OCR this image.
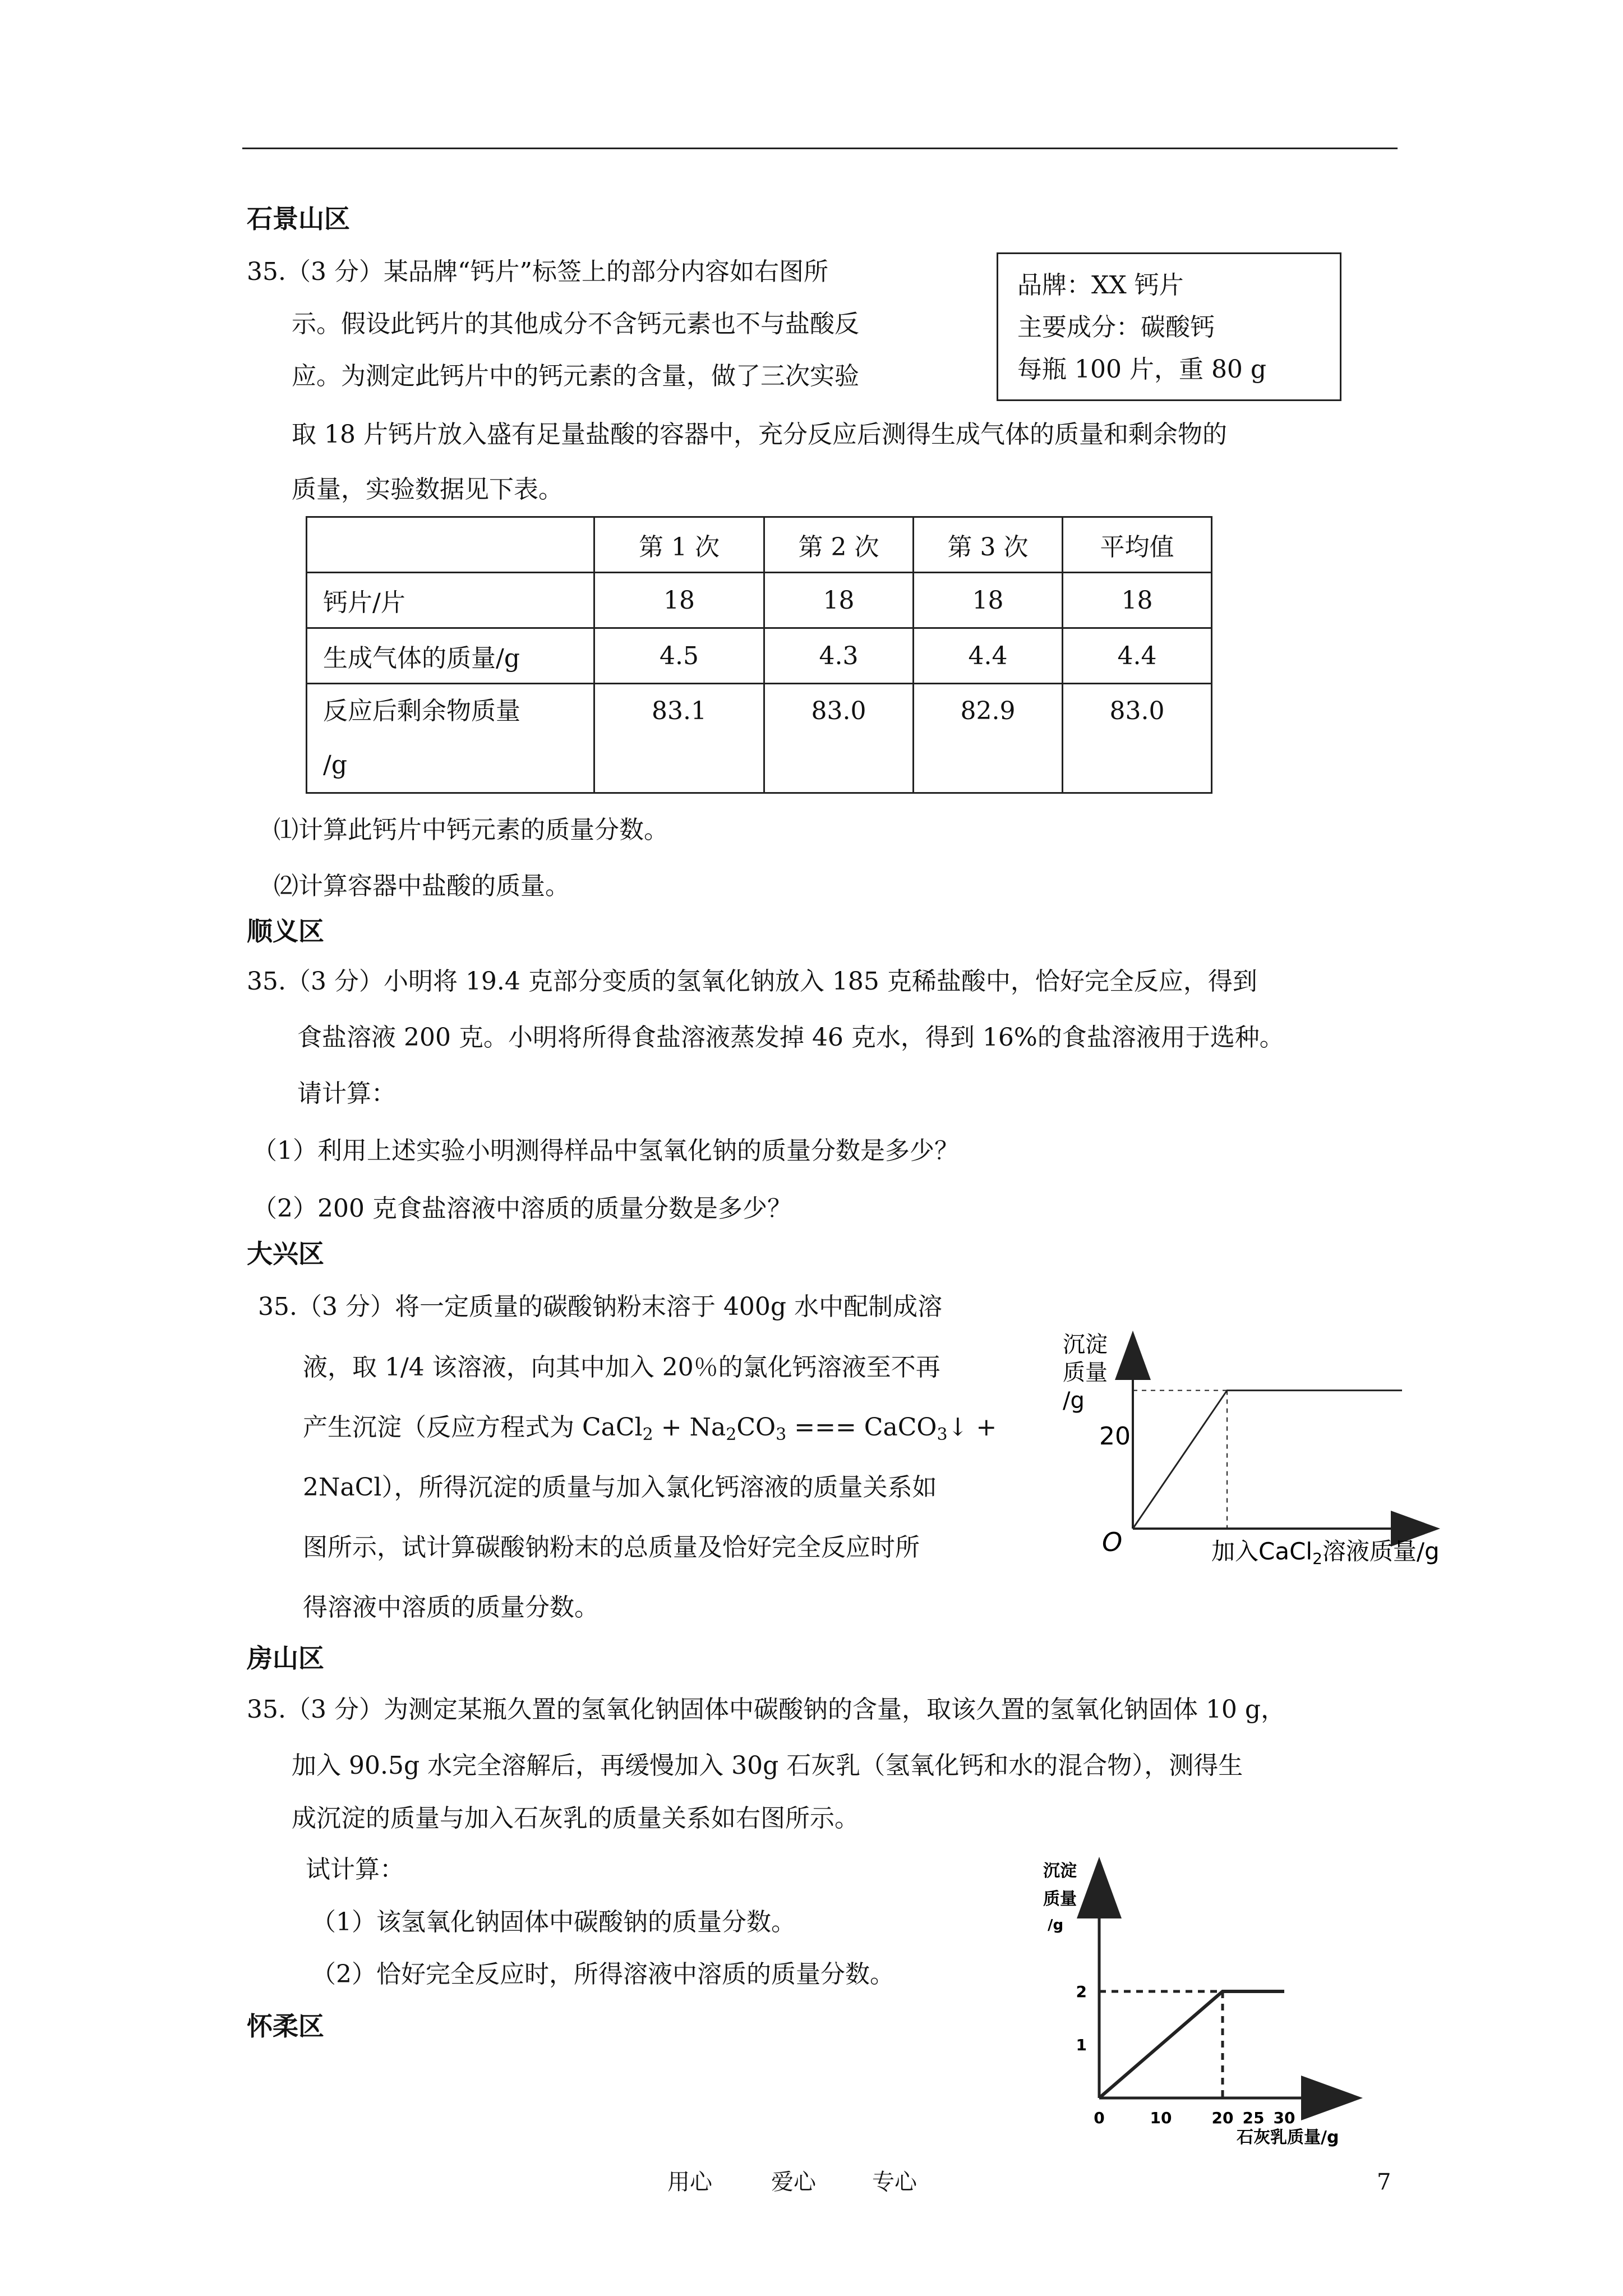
石景山区
35.（3 分）某品牌“钙片”标签上的部分内容如右图所
示。假设此钙片的其他成分不含钙元素也不与盐酸反
应。为测定此钙片中的钙元素的含量，做了三次实验
取 18 片钙片放入盛有足量盐酸的容器中，充分反应后测得生成气体的质量和剩余物的
质量，实验数据见下表。
品牌：XX 钙片
主要成分：碳酸钙
每瓶 100 片，重 80 g
	第 1 次	第 2 次	第 3 次	平均值
钙片/片	18	18	18	18
生成气体的质量/g	4.5	4.3	4.4	4.4

反应后剩余物质量
/g	83.1	83.0	82.9	83.0
⑴计算此钙片中钙元素的质量分数。
⑵计算容器中盐酸的质量。
顺义区
35.（3 分）小明将 19.4 克部分变质的氢氧化钠放入 185 克稀盐酸中，恰好完全反应，得到
食盐溶液 200 克。小明将所得食盐溶液蒸发掉 46 克水，得到 16%的食盐溶液用于选种。
请计算：
（1）利用上述实验小明测得样品中氢氧化钠的质量分数是多少？
（2）200 克食盐溶液中溶质的质量分数是多少？
大兴区
35.（3 分）将一定质量的碳酸钠粉末溶于 400g 水中配制成溶
液，取 1/4 该溶液，向其中加入 20％的氯化钙溶液至不再
产生沉淀（反应方程式为 CaCl$_2$ + $Na_2CO_3$ === CaCO$_3$↓ +
2NaCl），所得沉淀的质量与加入氯化钙溶液的质量关系如
图所示，试计算碳酸钠粉末的总质量及恰好完全反应时所
得溶液中溶质的质量分数。
沉淀
质量
/g
20
O	加入CaCl2溶液质量/g
房山区
35.（3 分）为测定某瓶久置的氢氧化钠固体中碳酸钠的含量，取该久置的氢氧化钠固体 10 g，
加入 90.5g 水完全溶解后，再缓慢加入 30g 石灰乳（氢氧化钙和水的混合物），测得生
成沉淀的质量与加入石灰乳的质量关系如右图所示。
试计算：
（1）该氢氧化钠固体中碳酸钠的质量分数。
（2）恰好完全反应时，所得溶液中溶质的质量分数。
沉淀
质量
/g
0	10	20 25 30
1
2
石灰乳质量/g
怀柔区
用心	爱心	专心	7
